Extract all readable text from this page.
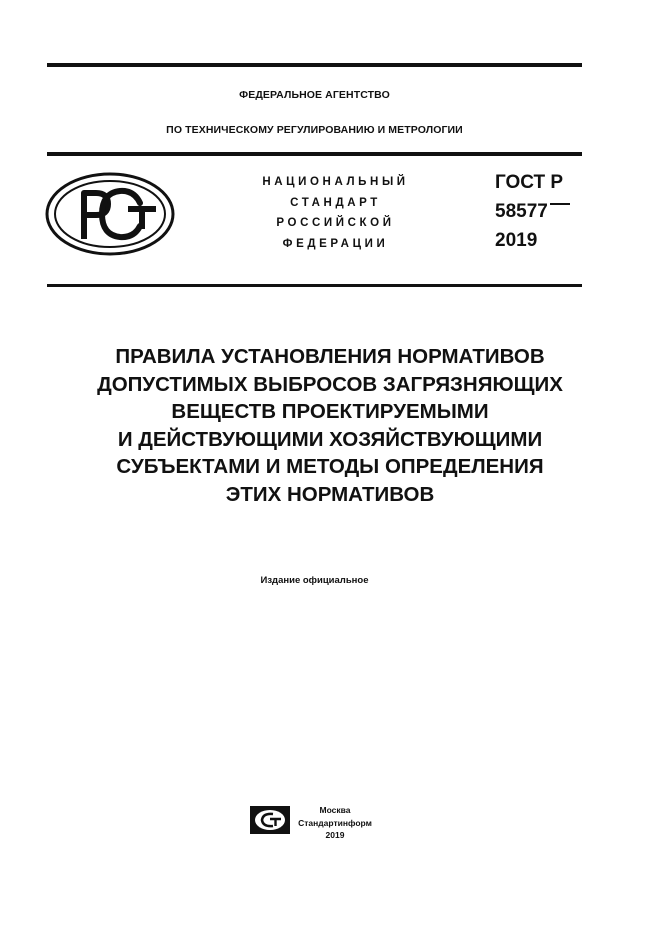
ФЕДЕРАЛЬНОЕ АГЕНТСТВО
ПО ТЕХНИЧЕСКОМУ РЕГУЛИРОВАНИЮ И МЕТРОЛОГИИ
НАЦИОНАЛЬНЫЙ
СТАНДАРТ
РОССИЙСКОЙ
ФЕДЕРАЦИИ
ГОСТ Р
58577
2019
ПРАВИЛА УСТАНОВЛЕНИЯ НОРМАТИВОВ
ДОПУСТИМЫХ ВЫБРОСОВ ЗАГРЯЗНЯЮЩИХ
ВЕЩЕСТВ ПРОЕКТИРУЕМЫМИ
И ДЕЙСТВУЮЩИМИ ХОЗЯЙСТВУЮЩИМИ
СУБЪЕКТАМИ И МЕТОДЫ ОПРЕДЕЛЕНИЯ
ЭТИХ НОРМАТИВОВ
Издание официальное
Москва
Стандартинформ
2019
